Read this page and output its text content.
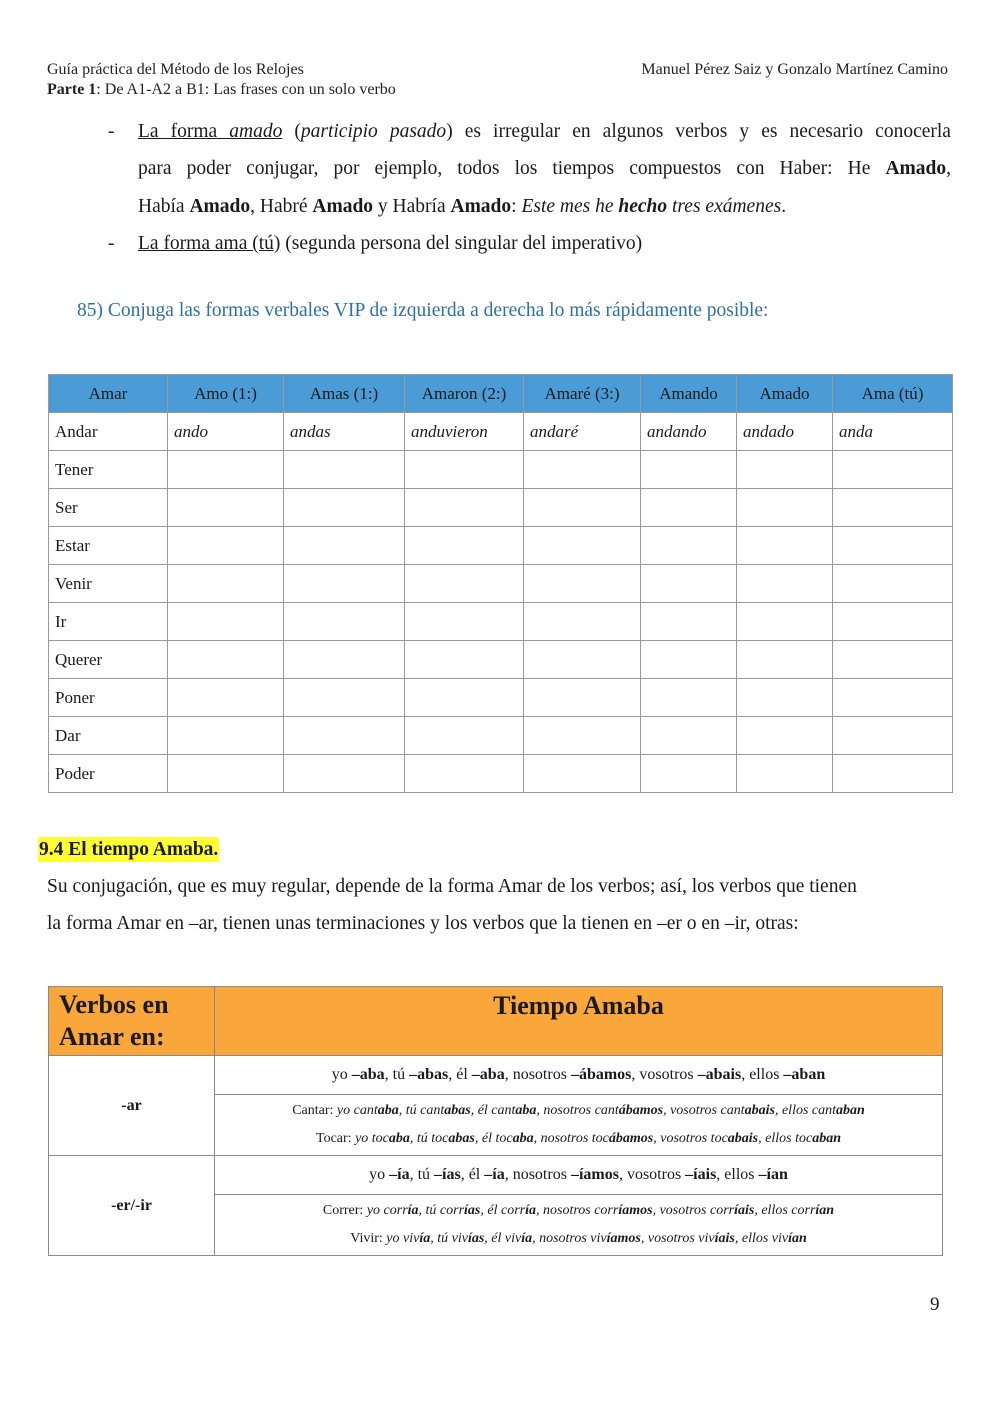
Guía práctica del Método de los Relojes	Manuel Pérez Saiz y Gonzalo Martínez Camino
Parte 1: De A1-A2 a B1: Las frases con un solo verbo
- La forma amado (participio pasado) es irregular en algunos verbos y es necesario conocerla
para poder conjugar, por ejemplo, todos los tiempos compuestos con Haber: He Amado,
Había Amado, Habré Amado y Habría Amado: Este mes he hecho tres exámenes.
- La forma ama (tú) (segunda persona del singular del imperativo)
85) Conjuga las formas verbales VIP de izquierda a derecha lo más rápidamente posible:
Amar	Amo (1:)	Amas (1:)	Amaron (2:)	Amaré (3:)	Amando	Amado	Ama (tú)
Andar	ando	andas	anduvieron	andaré	andando	andado	anda
Tener							
Ser							
Estar							
Venir							
Ir							
Querer							
Poner							
Dar							
Poder							
9.4 El tiempo Amaba.
Su conjugación, que es muy regular, depende de la forma Amar de los verbos; así, los verbos que tienen
la forma Amar en –ar, tienen unas terminaciones y los verbos que la tienen en –er o en –ir, otras:
Verbos en Amar en:	Tiempo Amaba
-ar	yo –aba, tú –abas, él –aba, nosotros –ábamos, vosotros –abais, ellos –aban

	Cantar: yo cantaba, tú cantabas, él cantaba, nosotros cantábamos, vosotros cantabais, ellos cantaban
Tocar: yo tocaba, tú tocabas, él tocaba, nosotros tocábamos, vosotros tocabais, ellos tocaban

-er/-ir	yo –ía, tú –ías, él –ía, nosotros –íamos, vosotros –íais, ellos –ían

	Correr: yo corría, tú corrías, él corría, nosotros corríamos, vosotros corríais, ellos corrían
Vivir: yo vivía, tú vivías, él vivía, nosotros vivíamos, vosotros vivíais, ellos vivían
9
